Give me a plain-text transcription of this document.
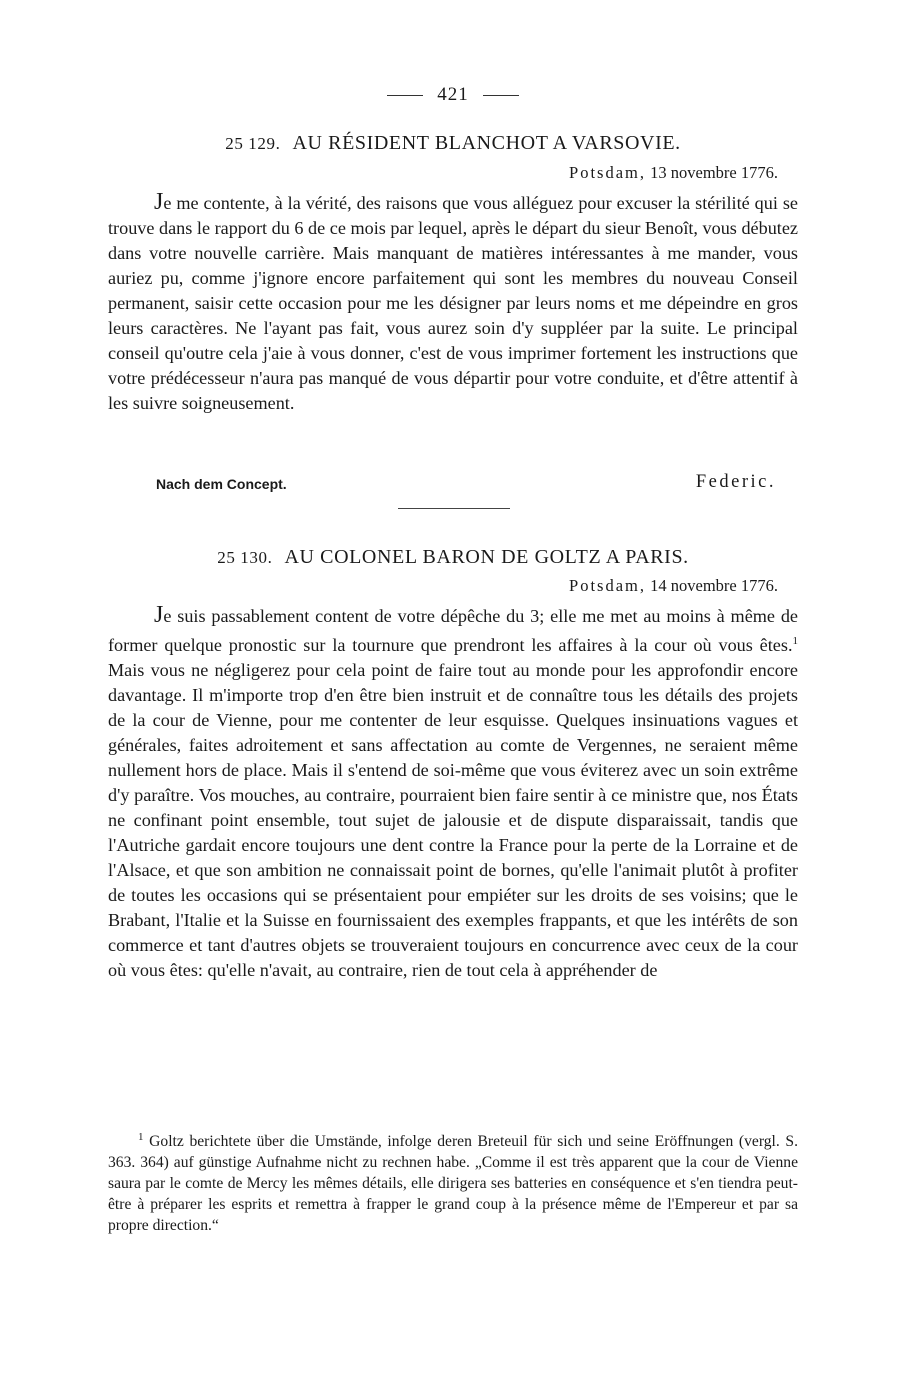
421
25 129. AU RÉSIDENT BLANCHOT A VARSOVIE.
Potsdam, 13 novembre 1776.

Je me contente, à la vérité, des raisons que vous alléguez pour excuser la stérilité qui se trouve dans le rapport du 6 de ce mois par lequel, après le départ du sieur Benoît, vous débutez dans votre nouvelle carrière. Mais manquant de matières intéressantes à me mander, vous auriez pu, comme j'ignore encore parfaitement qui sont les membres du nouveau Conseil permanent, saisir cette occasion pour me les désigner par leurs noms et me dépeindre en gros leurs caractères. Ne l'ayant pas fait, vous aurez soin d'y suppléer par la suite. Le principal conseil qu'outre cela j'aie à vous donner, c'est de vous imprimer fortement les instructions que votre prédécesseur n'aura pas manqué de vous départir pour votre conduite, et d'être attentif à les suivre soigneusement.

Nach dem Concept.	Federic.
25 130. AU COLONEL BARON DE GOLTZ A PARIS.
Potsdam, 14 novembre 1776.

Je suis passablement content de votre dépêche du 3; elle me met au moins à même de former quelque pronostic sur la tournure que prendront les affaires à la cour où vous êtes.$^1$ Mais vous ne négligerez pour cela point de faire tout au monde pour les approfondir encore davantage. Il m'importe trop d'en être bien instruit et de connaître tous les détails des projets de la cour de Vienne, pour me contenter de leur esquisse. Quelques insinuations vagues et générales, faites adroitement et sans affectation au comte de Vergennes, ne seraient même nullement hors de place. Mais il s'entend de soi-même que vous éviterez avec un soin extrême d'y paraître. Vos mouches, au contraire, pourraient bien faire sentir à ce ministre que, nos États ne confinant point ensemble, tout sujet de jalousie et de dispute disparaissait, tandis que l'Autriche gardait encore toujours une dent contre la France pour la perte de la Lorraine et de l'Alsace, et que son ambition ne connaissait point de bornes, qu'elle l'animait plutôt à profiter de toutes les occasions qui se présentaient pour empiéter sur les droits de ses voisins; que le Brabant, l'Italie et la Suisse en fournissaient des exemples frappants, et que les intérêts de son commerce et tant d'autres objets se trouveraient toujours en concurrence avec ceux de la cour où vous êtes: qu'elle n'avait, au contraire, rien de tout cela à appréhender de

$^1$ Goltz berichtete über die Umstände, infolge deren Breteuil für sich und seine Eröffnungen (vergl. S. 363. 364) auf günstige Aufnahme nicht zu rechnen habe. „Comme il est très apparent que la cour de Vienne saura par le comte de Mercy les mêmes détails, elle dirigera ses batteries en conséquence et s'en tiendra peut-être à préparer les esprits et remettra à frapper le grand coup à la présence même de l'Empereur et par sa propre direction.“
